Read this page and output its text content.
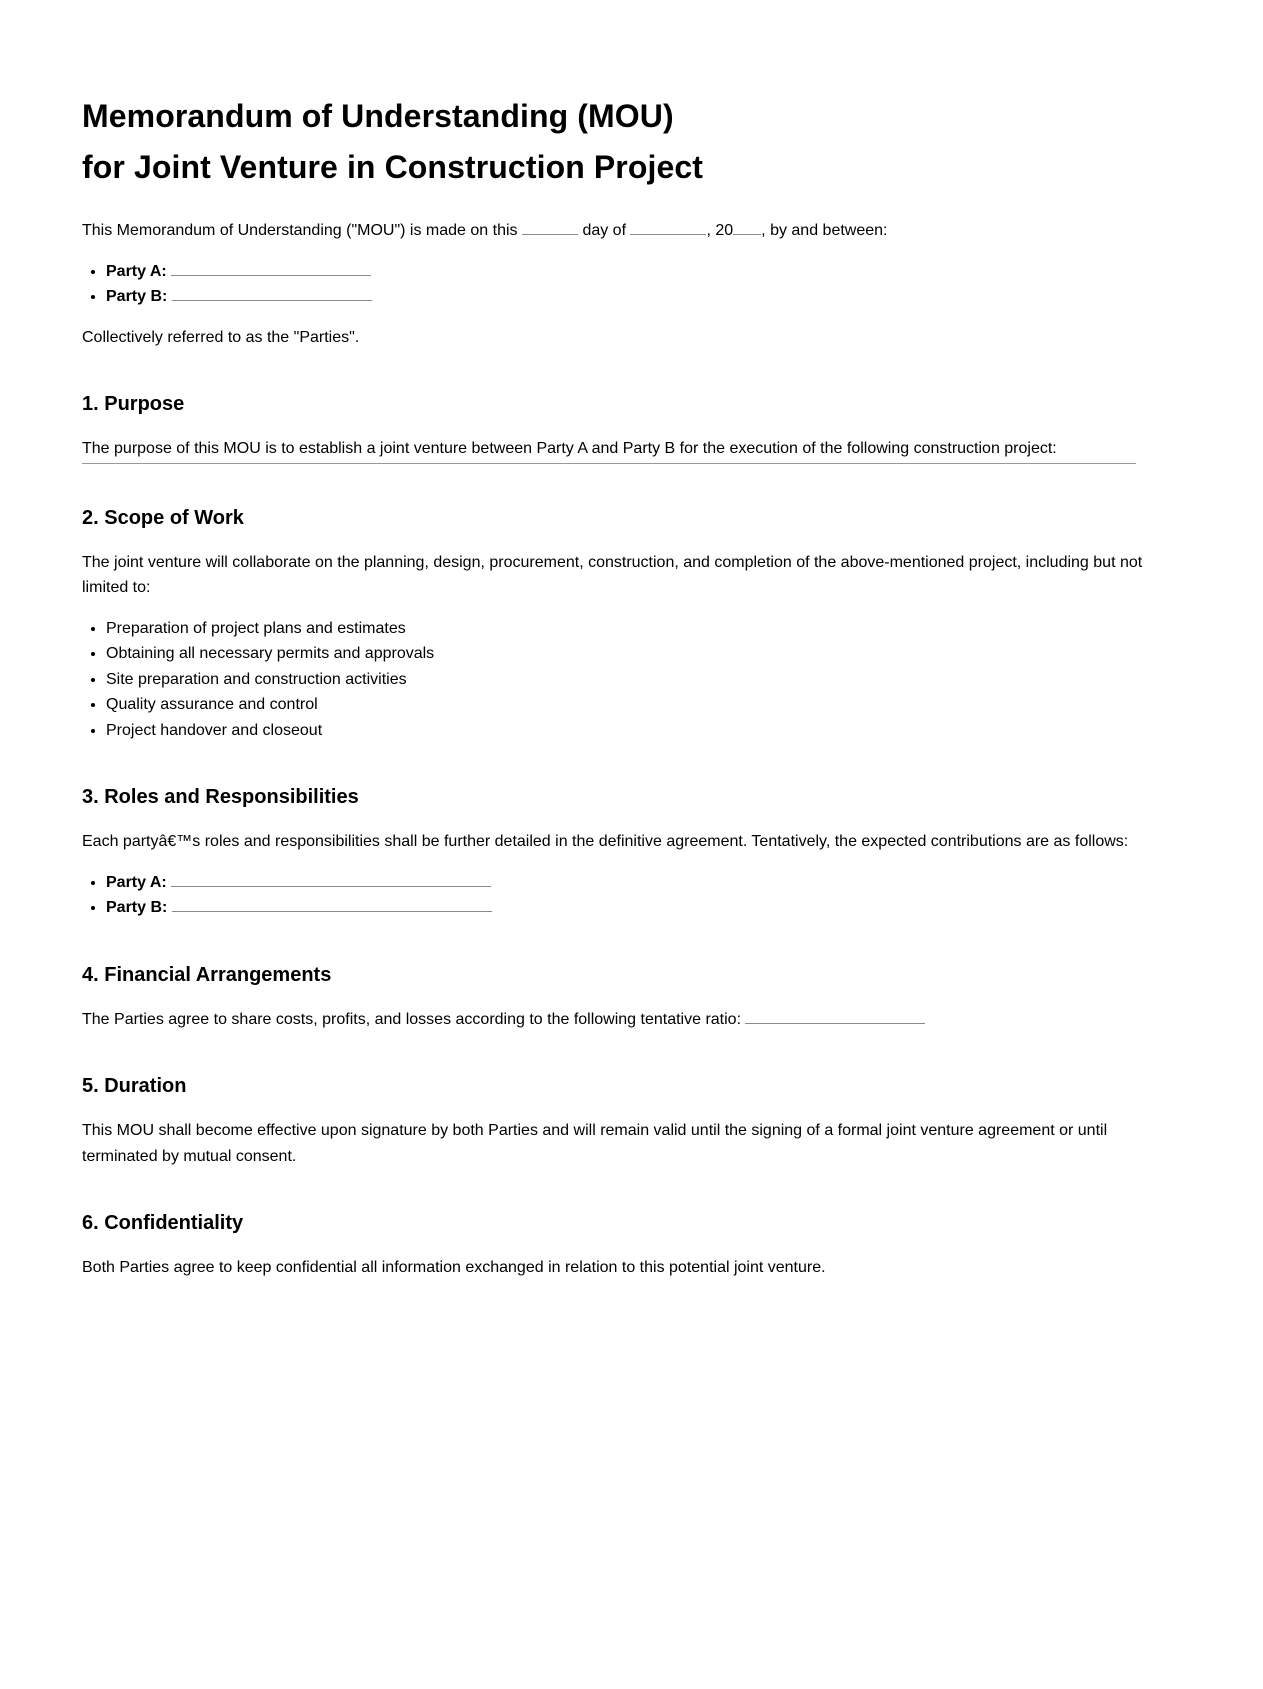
Memorandum of Understanding (MOU)
for Joint Venture in Construction Project

This Memorandum of Understanding ("MOU") is made on this	day of	, 20 , by and between:

• Party A:
• Party B:

Collectively referred to as the "Parties".

1. Purpose

The purpose of this MOU is to establish a joint venture between Party A and Party B for the execution of the following construction project:

2. Scope of Work

The joint venture will collaborate on the planning, design, procurement, construction, and completion of the above-mentioned project, including but not limited to:

• Preparation of project plans and estimates
• Obtaining all necessary permits and approvals
• Site preparation and construction activities
• Quality assurance and control
• Project handover and closeout
3. Roles and Responsibilities

Each partyâ€™s roles and responsibilities shall be further detailed in the definitive agreement. Tentatively, the expected contributions are as follows:

• Party A:
• Party B:
4. Financial Arrangements

The Parties agree to share costs, profits, and losses according to the following tentative ratio:

5. Duration

This MOU shall become effective upon signature by both Parties and will remain valid until the signing of a formal joint venture agreement or until terminated by mutual consent.

6. Confidentiality

Both Parties agree to keep confidential all information exchanged in relation to this potential joint venture.
